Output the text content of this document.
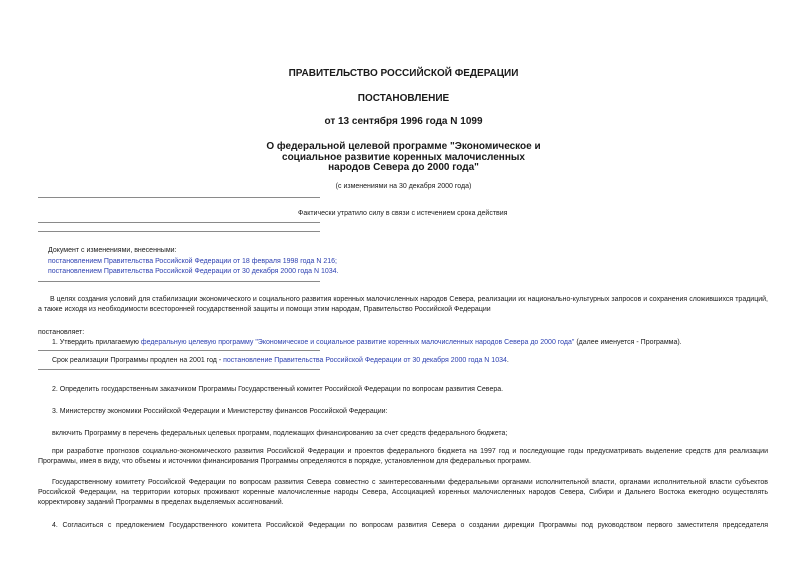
ПРАВИТЕЛЬСТВО РОССИЙСКОЙ ФЕДЕРАЦИИ
ПОСТАНОВЛЕНИЕ
от 13 сентября 1996 года N 1099
О федеральной целевой программе "Экономическое и
социальное развитие коренных малочисленных
народов Севера до 2000 года"
(с изменениями на 30 декабря 2000 года)
Фактически утратило силу в связи с истечением срока действия
Документ с изменениями, внесенными:
постановлением Правительства Российской Федерации от 18 февраля 1998 года N 216;
постановлением Правительства Российской Федерации от 30 декабря 2000 года N 1034.
В целях создания условий для стабилизации экономического и социального развития коренных малочисленных народов Севера, реализации их национально-культурных запросов и сохранения сложившихся традиций, а также исходя из необходимости всесторонней государственной защиты и помощи этим народам, Правительство Российской Федерации
постановляет:
1. Утвердить прилагаемую федеральную целевую программу "Экономическое и социальное развитие коренных малочисленных народов Севера до 2000 года" (далее именуется - Программа).
Срок реализации Программы продлен на 2001 год - постановление Правительства Российской Федерации от 30 декабря 2000 года N 1034.
2. Определить государственным заказчиком Программы Государственный комитет Российской Федерации по вопросам развития Севера.
3. Министерству экономики Российской Федерации и Министерству финансов Российской Федерации:
включить Программу в перечень федеральных целевых программ, подлежащих финансированию за счет средств федерального бюджета;
при разработке прогнозов социально-экономического развития Российской Федерации и проектов федерального бюджета на 1997 год и последующие годы предусматривать выделение средств для реализации Программы, имея в виду, что объемы и источники финансирования Программы определяются в порядке, установленном для федеральных программ.
Государственному комитету Российской Федерации по вопросам развития Севера совместно с заинтересованными федеральными органами исполнительной власти, органами исполнительной власти субъектов Российской Федерации, на территории которых проживают коренные малочисленные народы Севера, Ассоциацией коренных малочисленных народов Севера, Сибири и Дальнего Востока ежегодно осуществлять корректировку заданий Программы в пределах выделяемых ассигнований.
4. Согласиться с предложением Государственного комитета Российской Федерации по вопросам развития Севера о создании дирекции Программы под руководством первого заместителя председателя
